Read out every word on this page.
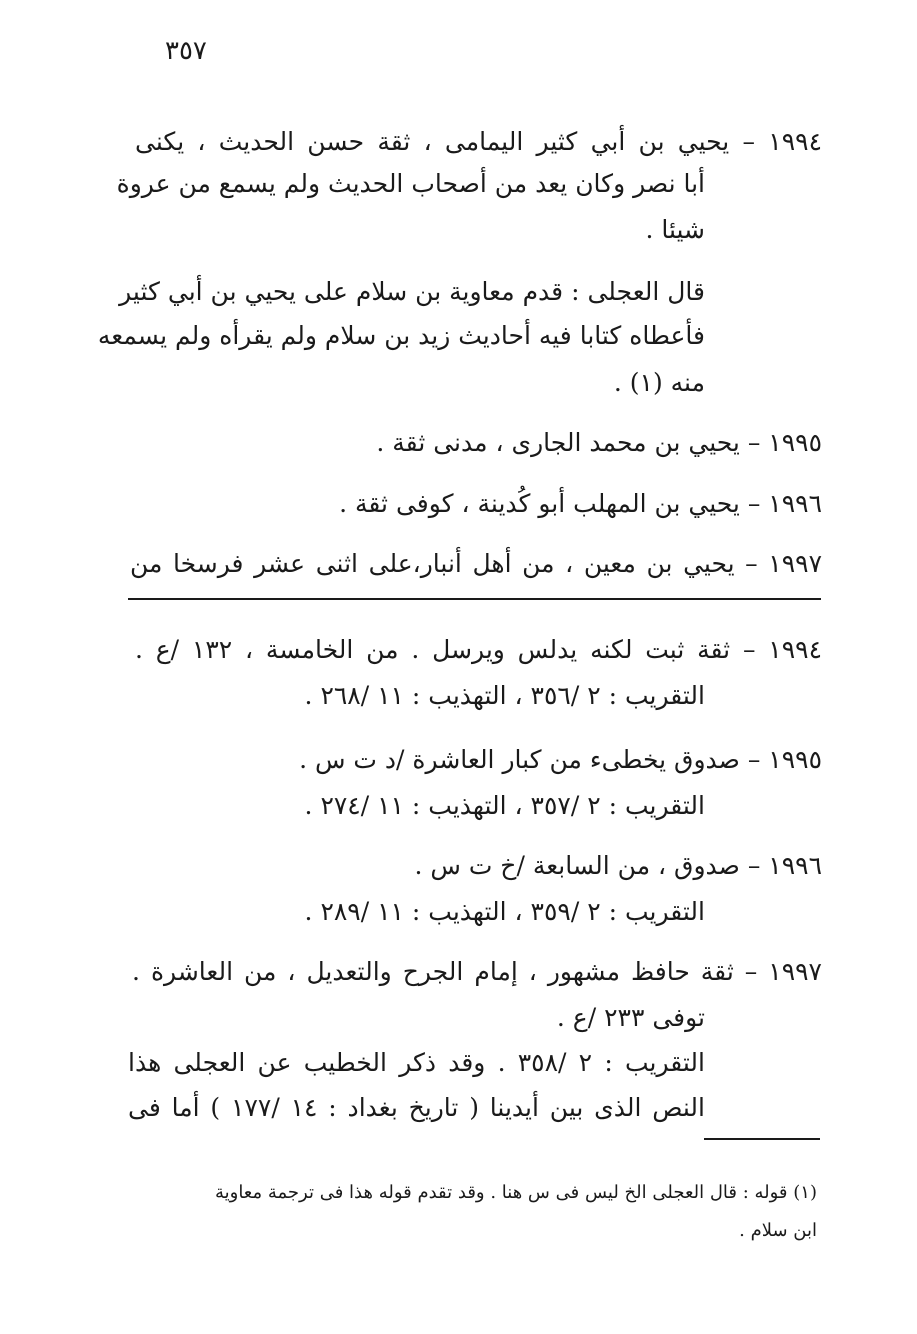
٣٥٧
١٩٩٤ – يحيي بن أبي كثير اليمامى ، ثقة حسن الحديث ، يكنى
أبا نصر وكان يعد من أصحاب الحديث ولم يسمع من عروة
شيئا .
قال العجلى : قدم معاوية بن سلام على يحيي بن أبي كثير
فأعطاه كتابا فيه أحاديث زيد بن سلام ولم يقرأه ولم يسمعه
منه (١) .
١٩٩٥ – يحيي بن محمد الجارى ، مدنى ثقة .
١٩٩٦ – يحيي بن المهلب أبو كُدينة ، كوفى ثقة .
١٩٩٧ – يحيي بن معين ، من أهل أنبار،على اثنى عشر فرسخا من
١٩٩٤ – ثقة ثبت لكنه يدلس ويرسل . من الخامسة ، ١٣٢ /ع .
التقريب : ٢ /٣٥٦ ، التهذيب : ١١ /٢٦٨ .
١٩٩٥ – صدوق يخطىء من كبار العاشرة /د ت س .
التقريب : ٢ /٣٥٧ ، التهذيب : ١١ /٢٧٤ .
١٩٩٦ – صدوق ، من السابعة /خ ت س .
التقريب : ٢ /٣٥٩ ، التهذيب : ١١ /٢٨٩ .
١٩٩٧ – ثقة حافظ مشهور ، إمام الجرح والتعديل ، من العاشرة .
توفى ٢٣٣ /ع .
التقريب : ٢ /٣٥٨ . وقد ذكر الخطيب عن العجلى هذا
النص الذى بين أيدينا ( تاريخ بغداد : ١٤ /١٧٧ ) أما فى
(١) قوله : قال العجلى الخ ليس فى س هنا . وقد تقدم قوله هذا فى ترجمة معاوية
ابن سلام .
